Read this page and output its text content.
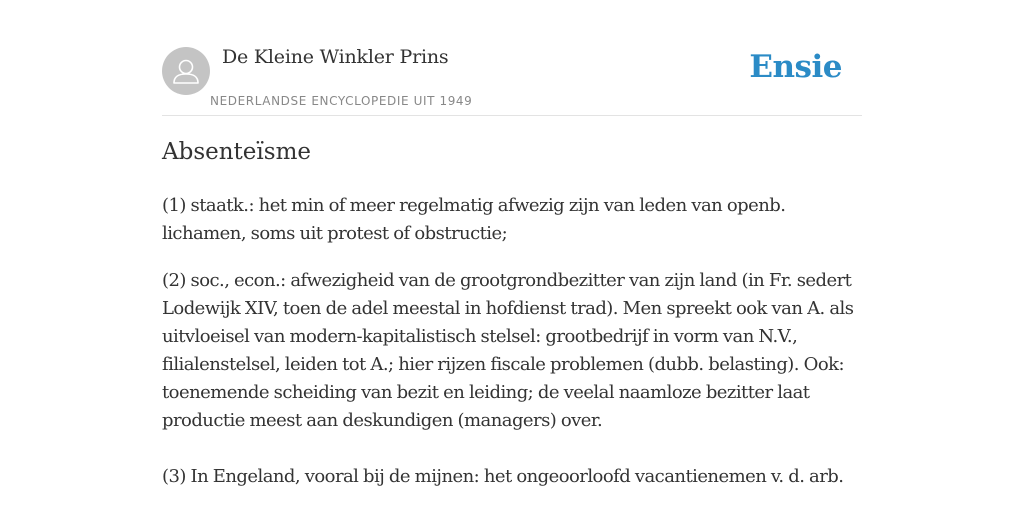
De Kleine Winkler Prins
NEDERLANDSE ENCYCLOPEDIE UIT 1949
Ensie
Absenteïsme

(1) staatk.: het min of meer regelmatig afwezig zijn van leden van openb. lichamen, soms uit protest of obstructie;

(2) soc., econ.: afwezigheid van de grootgrondbezitter van zijn land (in Fr. sedert Lodewijk XIV, toen de adel meestal in hofdienst trad). Men spreekt ook van A. als uitvloeisel van modern-kapitalistisch stelsel: grootbedrijf in vorm van N.V., filialenstelsel, leiden tot A.; hier rijzen fiscale problemen (dubb. belasting). Ook: toenemende scheiding van bezit en leiding; de veelal naamloze bezitter laat productie meest aan deskundigen (managers) over.

(3) In Engeland, vooral bij de mijnen: het ongeoorloofd vacantienemen v. d. arb.
